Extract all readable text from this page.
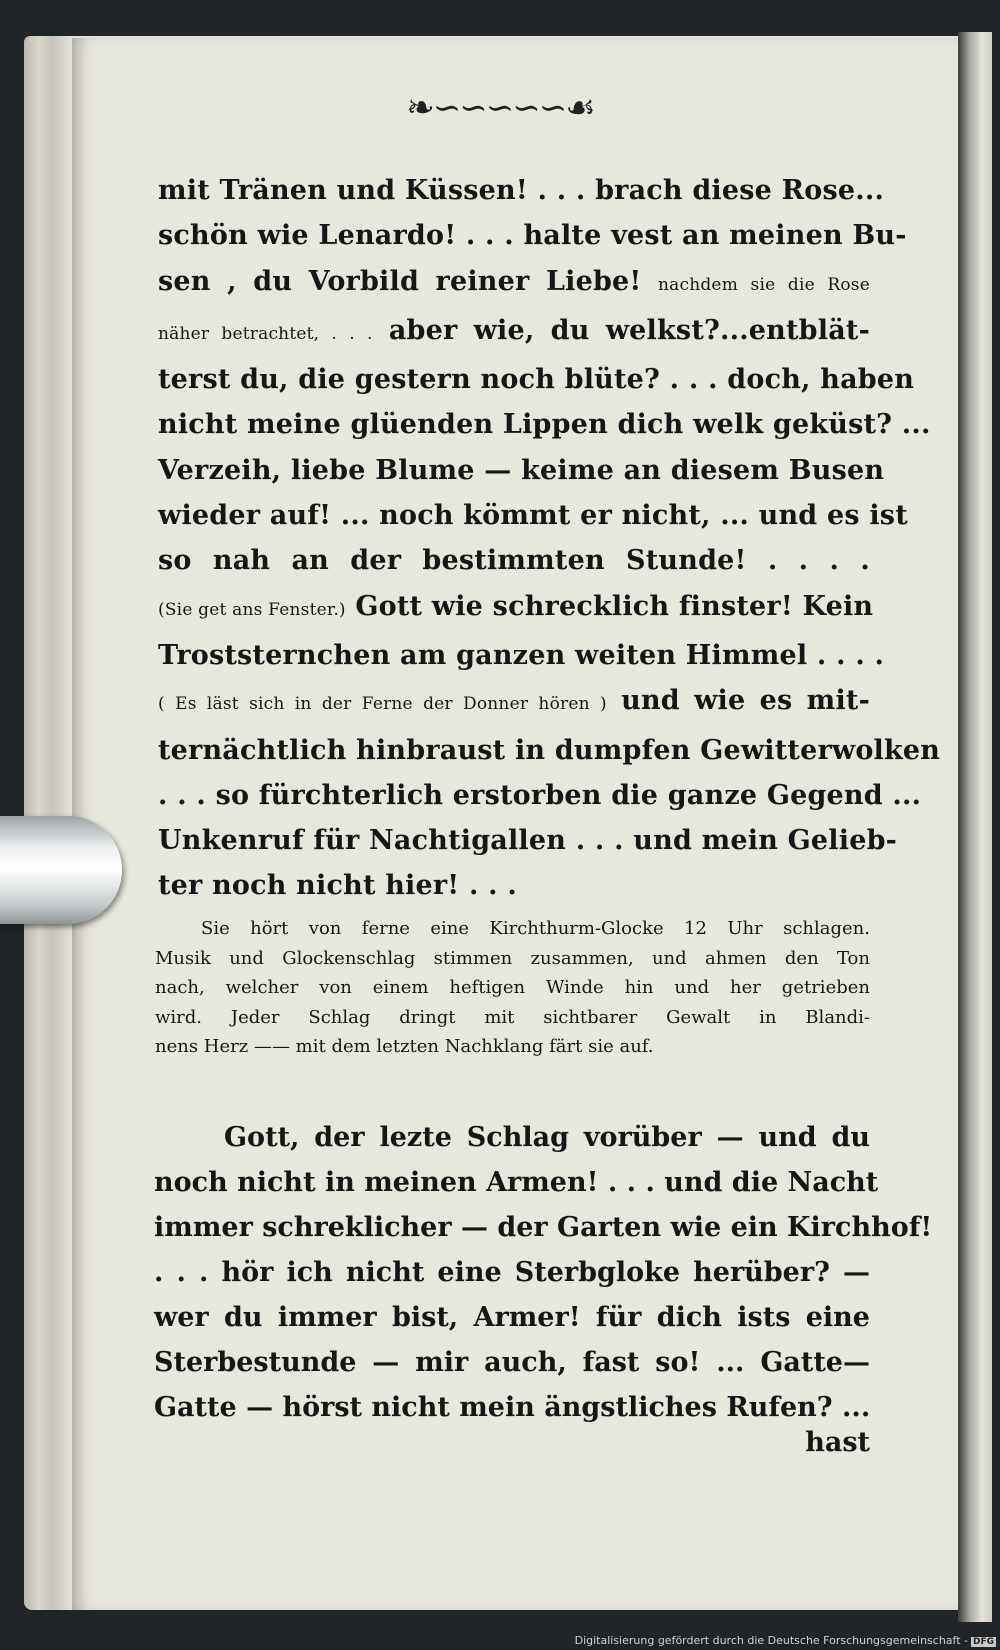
❧∽∽∽∽∽☙

mit Tränen und Küssen! . . . brach diese Rose...
schön wie Lenardo! . . . halte vest an meinen Bu-
sen , du Vorbild reiner Liebe! nachdem sie die Rose
näher betrachtet, . . . aber wie, du welkst?...entblät-
terst du, die gestern noch blüte? . . . doch, haben
nicht meine glüenden Lippen dich welk geküst? ...
Verzeih, liebe Blume — keime an diesem Busen
wieder auf! ... noch kömmt er nicht, ... und es ist
so nah an der bestimmten Stunde! . . . .
(Sie get ans Fenster.) Gott wie schrecklich finster! Kein
Troststernchen am ganzen weiten Himmel . . . .
( Es läst sich in der Ferne der Donner hören ) und wie es mit-
ternächtlich hinbraust in dumpfen Gewitterwolken
. . . so fürchterlich erstorben die ganze Gegend ...
Unkenruf für Nachtigallen . . . und mein Gelieb-
ter noch nicht hier! . . .
Sie hört von ferne eine Kirchthurm-Glocke 12 Uhr schlagen.
Musik und Glockenschlag stimmen zusammen, und ahmen den Ton
nach, welcher von einem heftigen Winde hin und her getrieben
wird. Jeder Schlag dringt mit sichtbarer Gewalt in Blandi-
nens Herz —— mit dem letzten Nachklang färt sie auf.
Gott, der lezte Schlag vorüber — und du
noch nicht in meinen Armen! . . . und die Nacht
immer schreklicher — der Garten wie ein Kirchhof!
. . . hör ich nicht eine Sterbgloke herüber? —
wer du immer bist, Armer! für dich ists eine
Sterbestunde — mir auch, fast so! ... Gatte—
Gatte — hörst nicht mein ängstliches Rufen? ...

hast

Digitalisierung gefördert durch die Deutsche Forschungsgemeinschaft - DFG
